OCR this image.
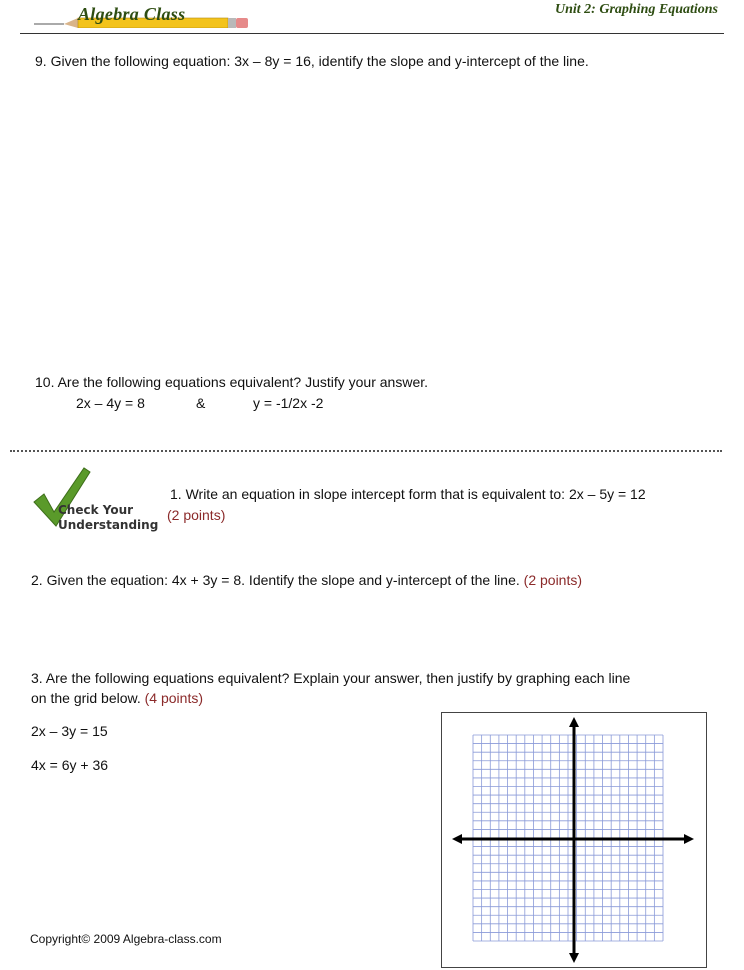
Algebra Class	Unit 2: Graphing Equations
9. Given the following equation: 3x – 8y = 16, identify the slope and y-intercept of the line.
10. Are the following equations equivalent? Justify your answer.
2x – 4y = 8	&	y = -1/2x -2
Check Your
Understanding
1. Write an equation in slope intercept form that is equivalent to: 2x – 5y = 12
(2 points)
2. Given the equation: 4x + 3y = 8. Identify the slope and y-intercept of the line. (2 points)
3. Are the following equations equivalent? Explain your answer, then justify by graphing each line
on the grid below. (4 points)
2x – 3y = 15
4x = 6y + 36
Copyright© 2009 Algebra-class.com
